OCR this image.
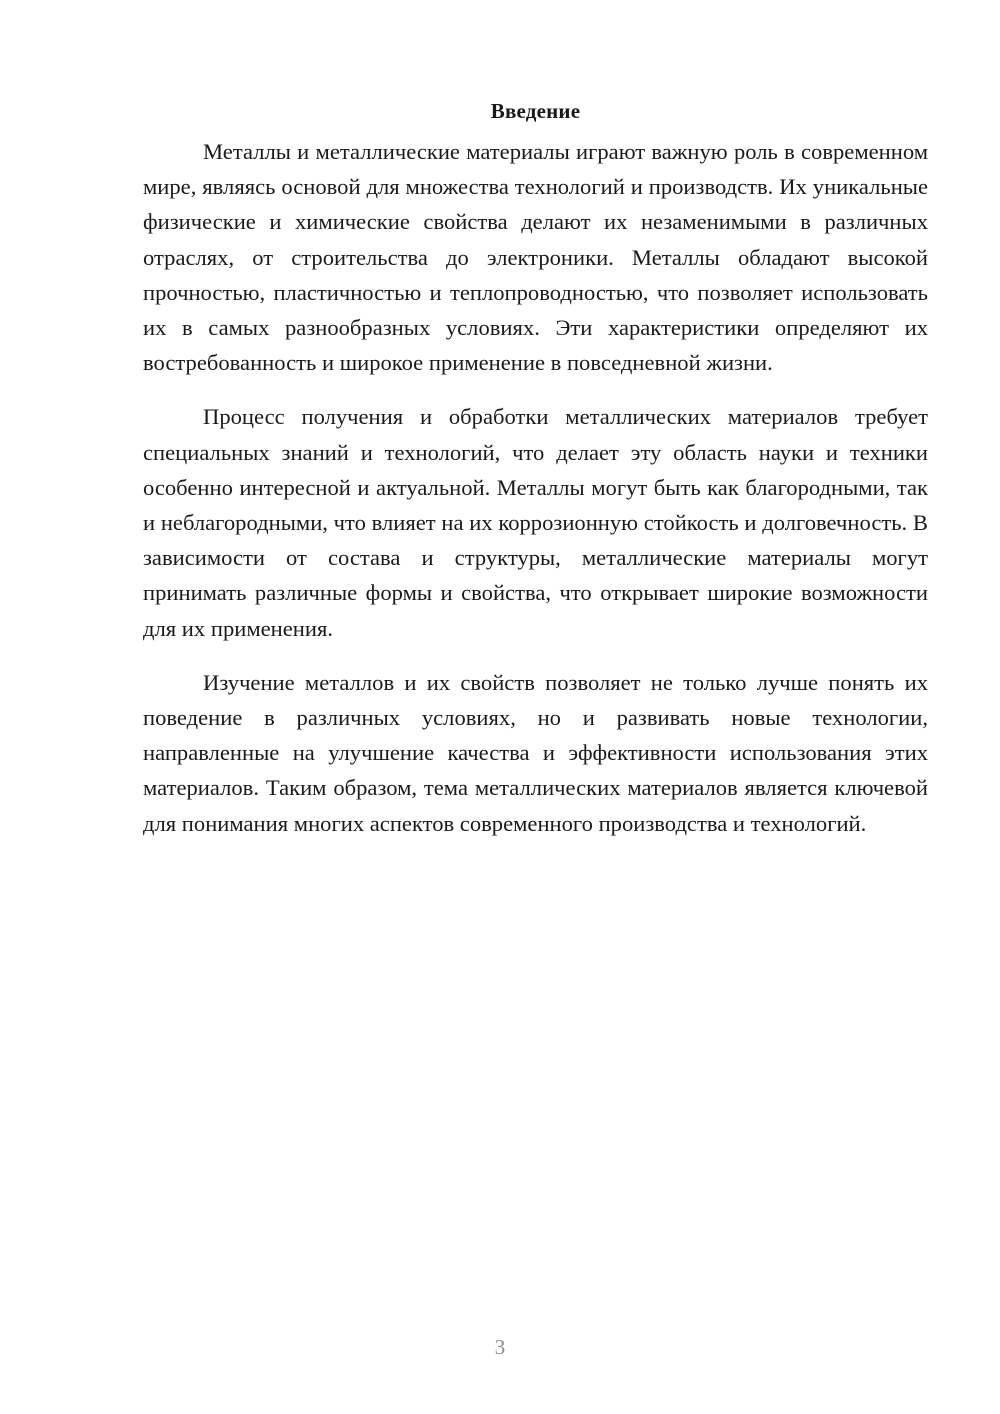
Введение

Металлы и металлические материалы играют важную роль в современном мире, являясь основой для множества технологий и производств. Их уникальные физические и химические свойства делают их незаменимыми в различных отраслях, от строительства до электроники. Металлы обладают высокой прочностью, пластичностью и теплопроводностью, что позволяет использовать их в самых разнообразных условиях. Эти характеристики определяют их востребованность и широкое применение в повседневной жизни.

Процесс получения и обработки металлических материалов требует специальных знаний и технологий, что делает эту область науки и техники особенно интересной и актуальной. Металлы могут быть как благородными, так и неблагородными, что влияет на их коррозионную стойкость и долговечность. В зависимости от состава и структуры, металлические материалы могут принимать различные формы и свойства, что открывает широкие возможности для их применения.

Изучение металлов и их свойств позволяет не только лучше понять их поведение в различных условиях, но и развивать новые технологии, направленные на улучшение качества и эффективности использования этих материалов. Таким образом, тема металлических материалов является ключевой для понимания многих аспектов современного производства и технологий.

3
